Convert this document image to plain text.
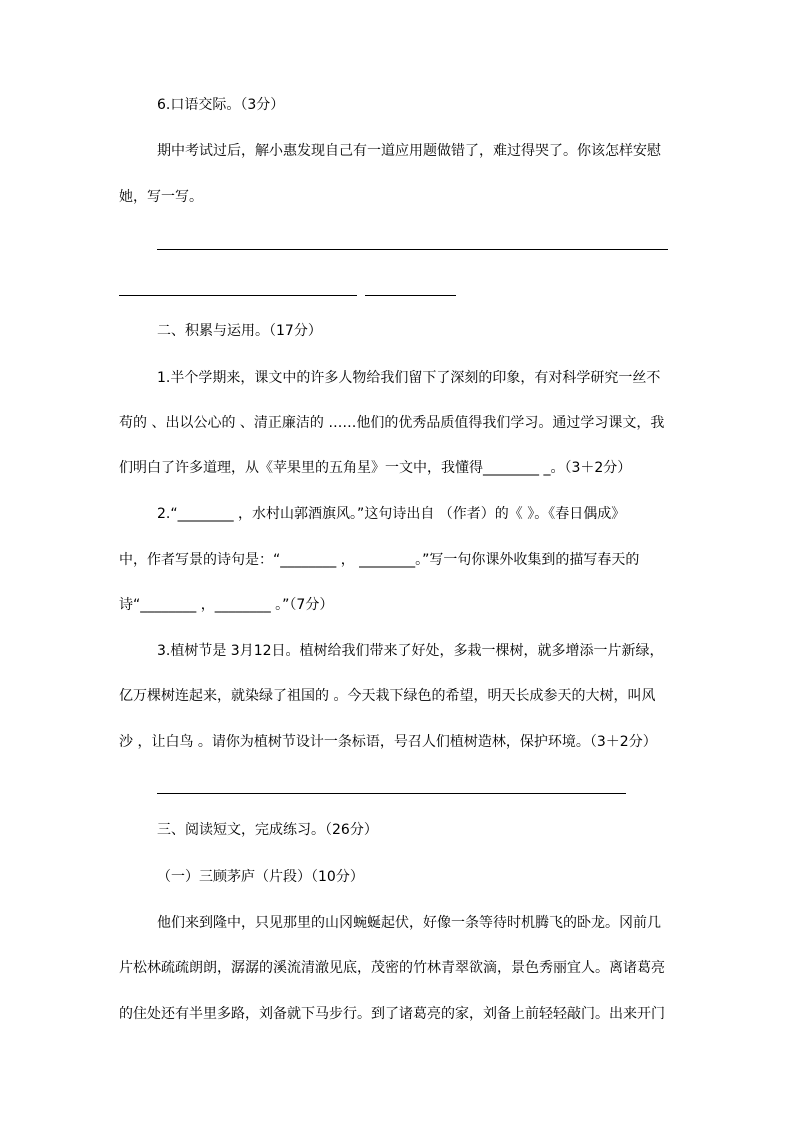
6.口语交际。（3分）
期中考试过后，解小惠发现自己有一道应用题做错了，难过得哭了。你该怎样安慰
她，写一写。
二、积累与运用。（17分）
1.半个学期来，课文中的许多人物给我们留下了深刻的印象，有对科学研究一丝不
苟的 、出以公心的 、清正廉洁的 ……他们的优秀品质值得我们学习。通过学习课文，我
们明白了许多道理，从《苹果里的五角星》一文中，我懂得________ _。（3＋2分）
2.“________ ，水村山郭酒旗风。”这句诗出自 （作者）的《 》。《春日偶成》
中，作者写景的诗句是：“________ ， ________。”写一句你课外收集到的描写春天的
诗“________ ，________ 。”（7分）
3.植树节是 3月12日。植树给我们带来了好处，多栽一棵树，就多增添一片新绿，
亿万棵树连起来，就染绿了祖国的 。今天栽下绿色的希望，明天长成参天的大树，叫风
沙 ，让白鸟 。请你为植树节设计一条标语，号召人们植树造林，保护环境。（3＋2分）
三、阅读短文，完成练习。（26分）
（一）三顾茅庐（片段）（10分）
他们来到隆中，只见那里的山冈蜿蜒起伏，好像一条等待时机腾飞的卧龙。冈前几
片松林疏疏朗朗，潺潺的溪流清澈见底，茂密的竹林青翠欲滴，景色秀丽宜人。离诸葛亮
的住处还有半里多路，刘备就下马步行。到了诸葛亮的家，刘备上前轻轻敲门。出来开门
